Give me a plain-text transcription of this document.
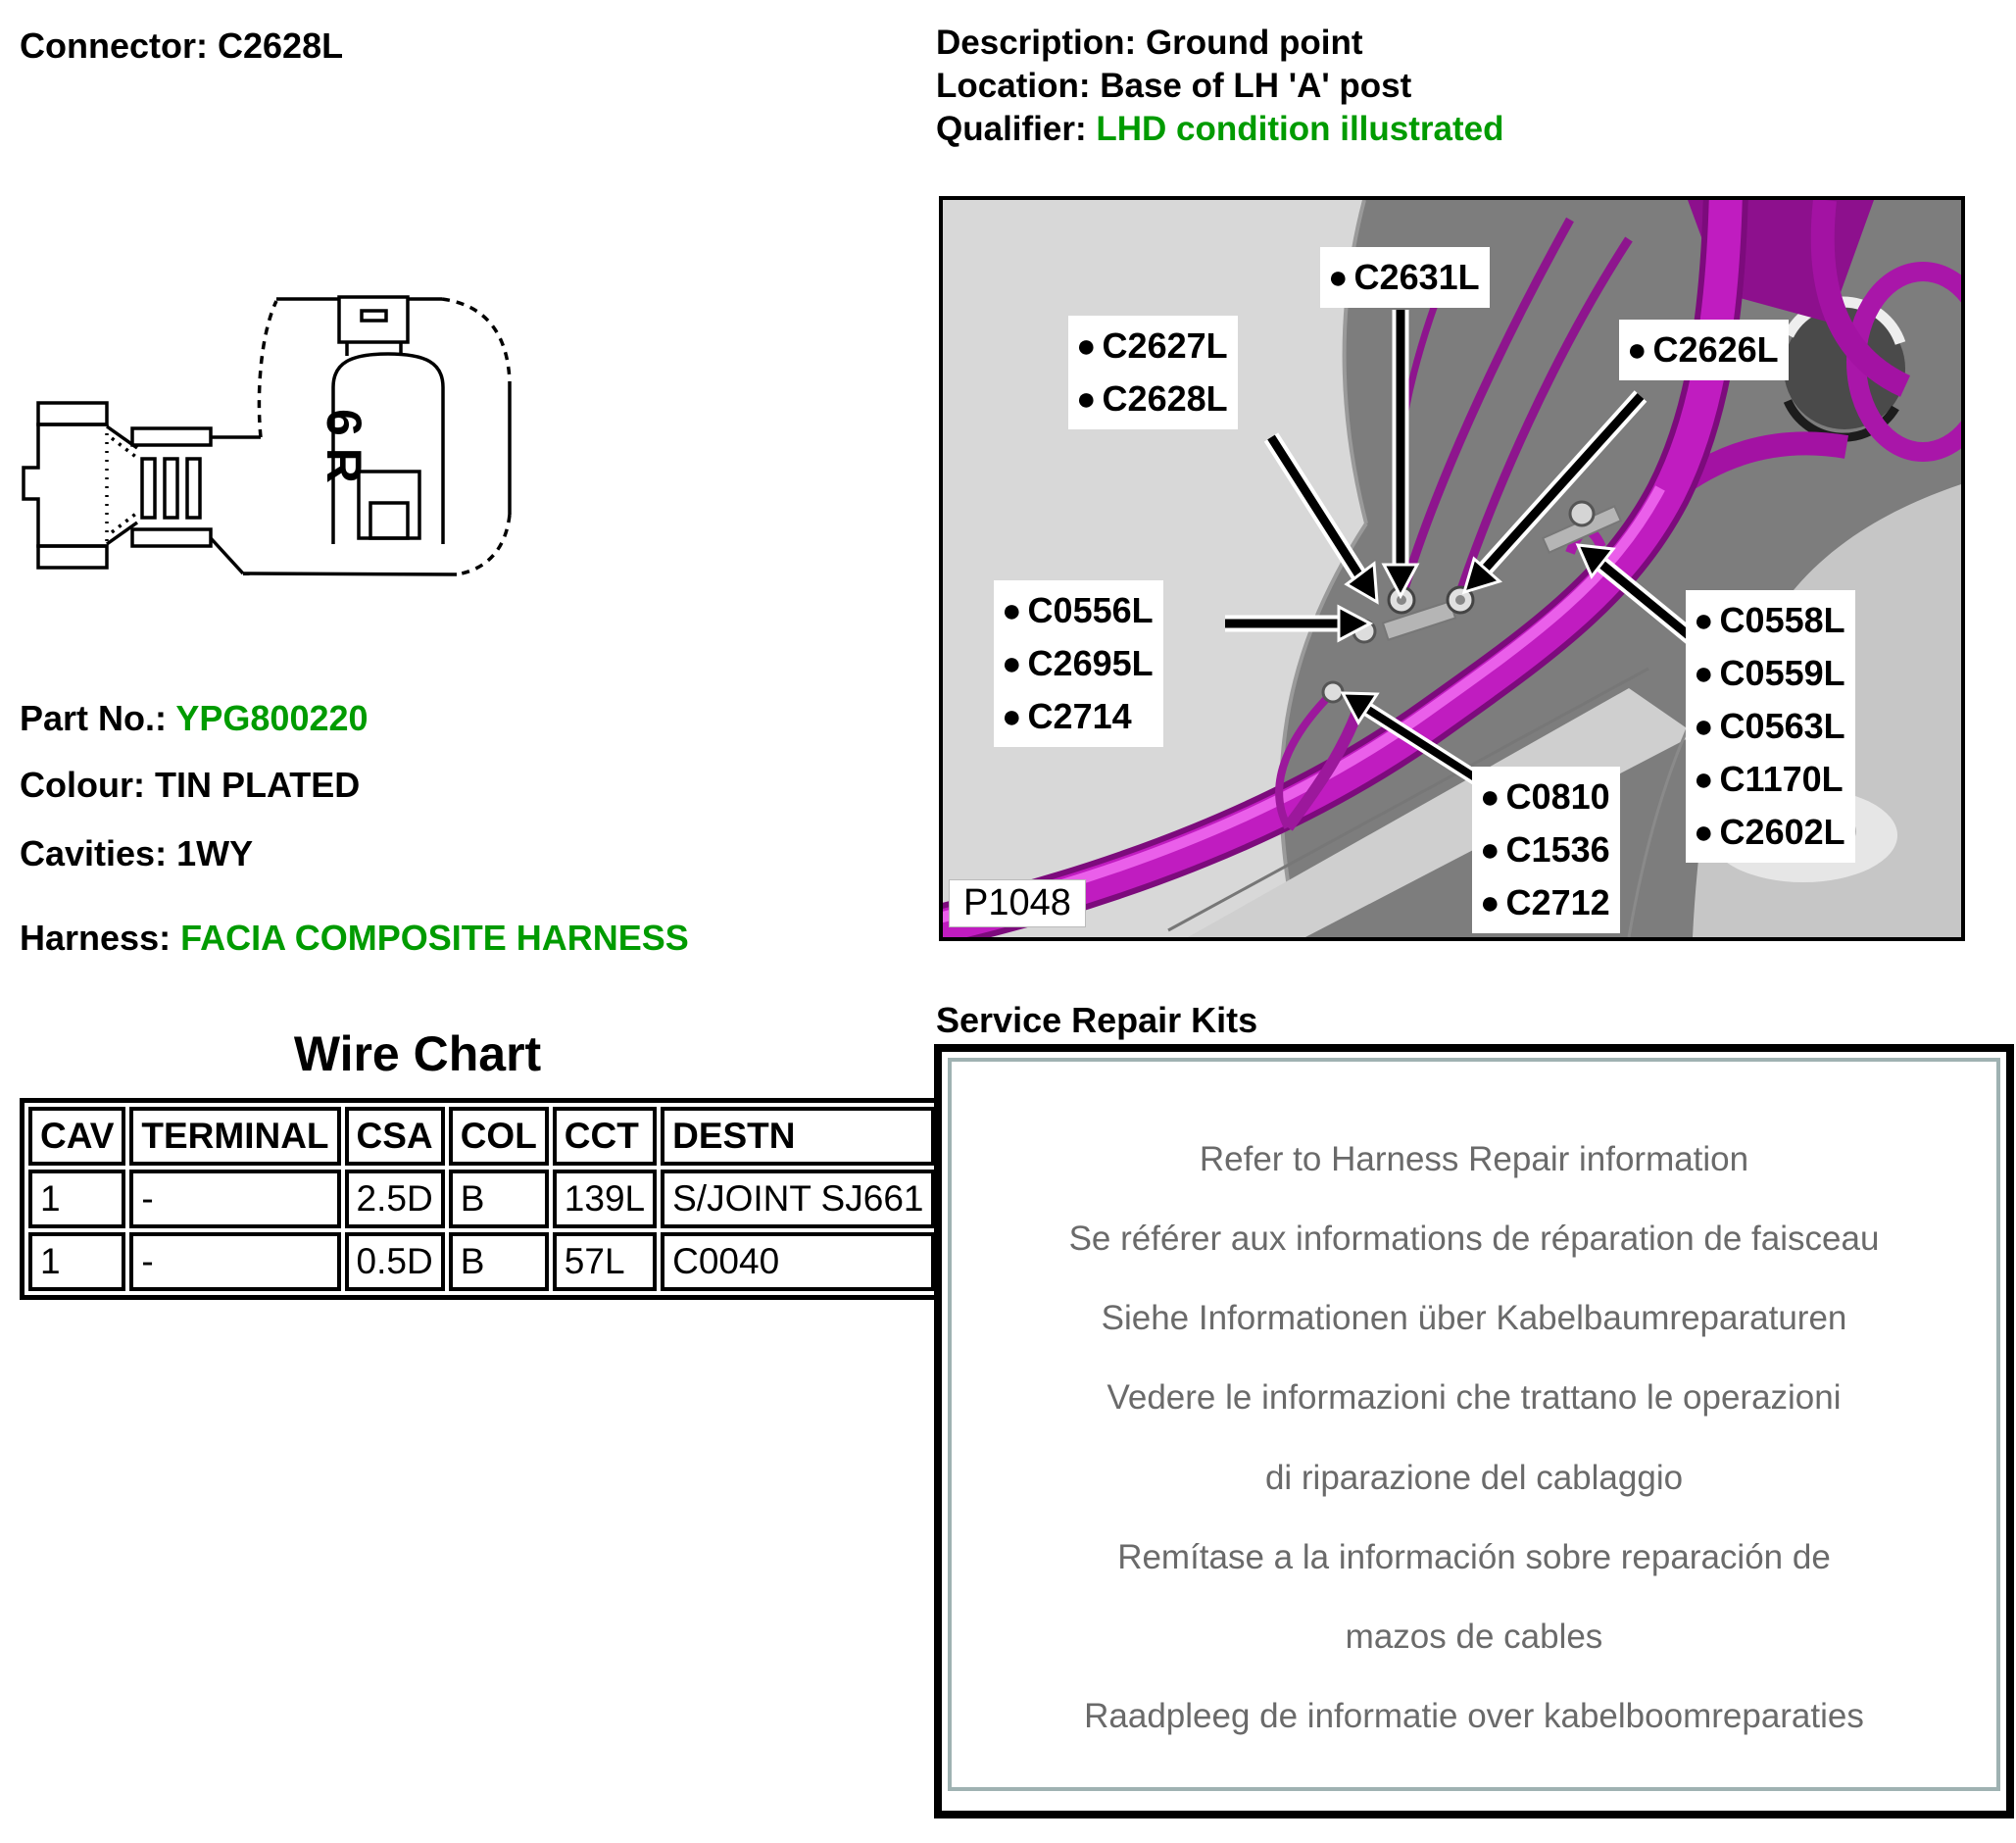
Connector: C2628L	Description: Ground point
Location: Base of LH 'A' post
Qualifier: LHD condition illustrated
6R
Part No.: YPG800220
Colour: TIN PLATED
Cavities: 1WY
Harness: FACIA COMPOSITE HARNESS
Wire Chart
CAV	TERMINAL	CSA	COL	CCT	DESTN
1	-	2.5D	B	139L	S/JOINT SJ661
1	-	0.5D	B	57L	C0040
● C2631L
● C2627L
● C2628L
● C2626L
● C0556L
● C2695L
● C2714
● C0558L
● C0559L
● C0563L
● C1170L
● C2602L
● C0810
● C1536
● C2712
P1048
Service Repair Kits
Refer to Harness Repair information
Se référer aux informations de réparation de faisceau
Siehe Informationen über Kabelbaumreparaturen
Vedere le informazioni che trattano le operazioni
di riparazione del cablaggio
Remítase a la información sobre reparación de
mazos de cables
Raadpleeg de informatie over kabelboomreparaties
